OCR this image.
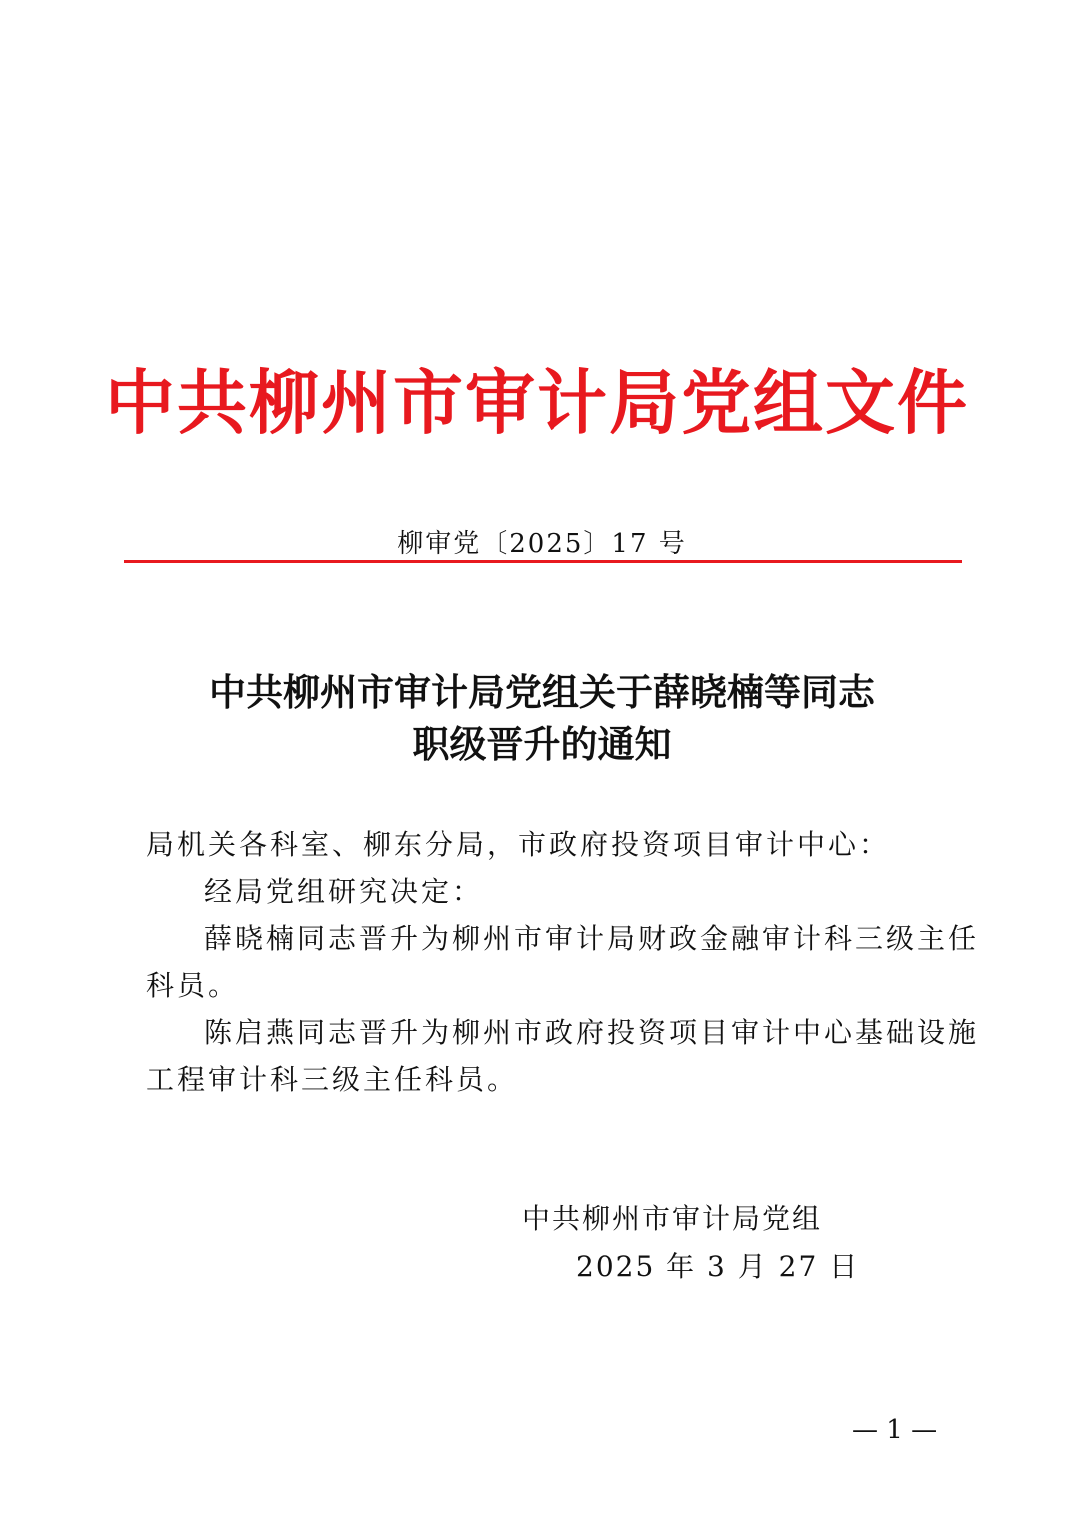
中共柳州市审计局党组文件
柳审党〔2025〕17 号
中共柳州市审计局党组关于薛晓楠等同志
职级晋升的通知
局机关各科室、柳东分局，市政府投资项目审计中心：
经局党组研究决定：
薛晓楠同志晋升为柳州市审计局财政金融审计科三级主任
科员。
陈启燕同志晋升为柳州市政府投资项目审计中心基础设施
工程审计科三级主任科员。
中共柳州市审计局党组
2025 年 3 月 27 日
— 1 —
